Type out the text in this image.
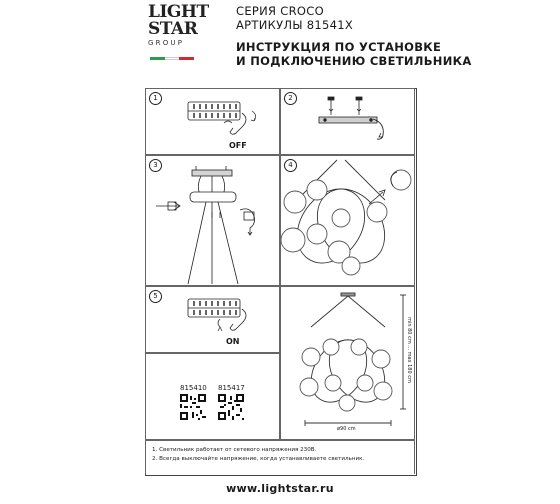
LIGHT
STAR
GROUP
СЕРИЯ CROCO
АРТИКУЛЫ 81541X
ИНСТРУКЦИЯ ПО УСТАНОВКЕ
И ПОДКЛЮЧЕНИЮ СВЕТИЛЬНИКА
1
OFF
2
3	4
5
ON	min 80 cm ... max 180 cm
ø90 cm
815410 815417
1. Светильник работает от сетевого напряжения 230В.
2. Всегда выключайте напряжение, когда устанавливаете светильник.
www.lightstar.ru
